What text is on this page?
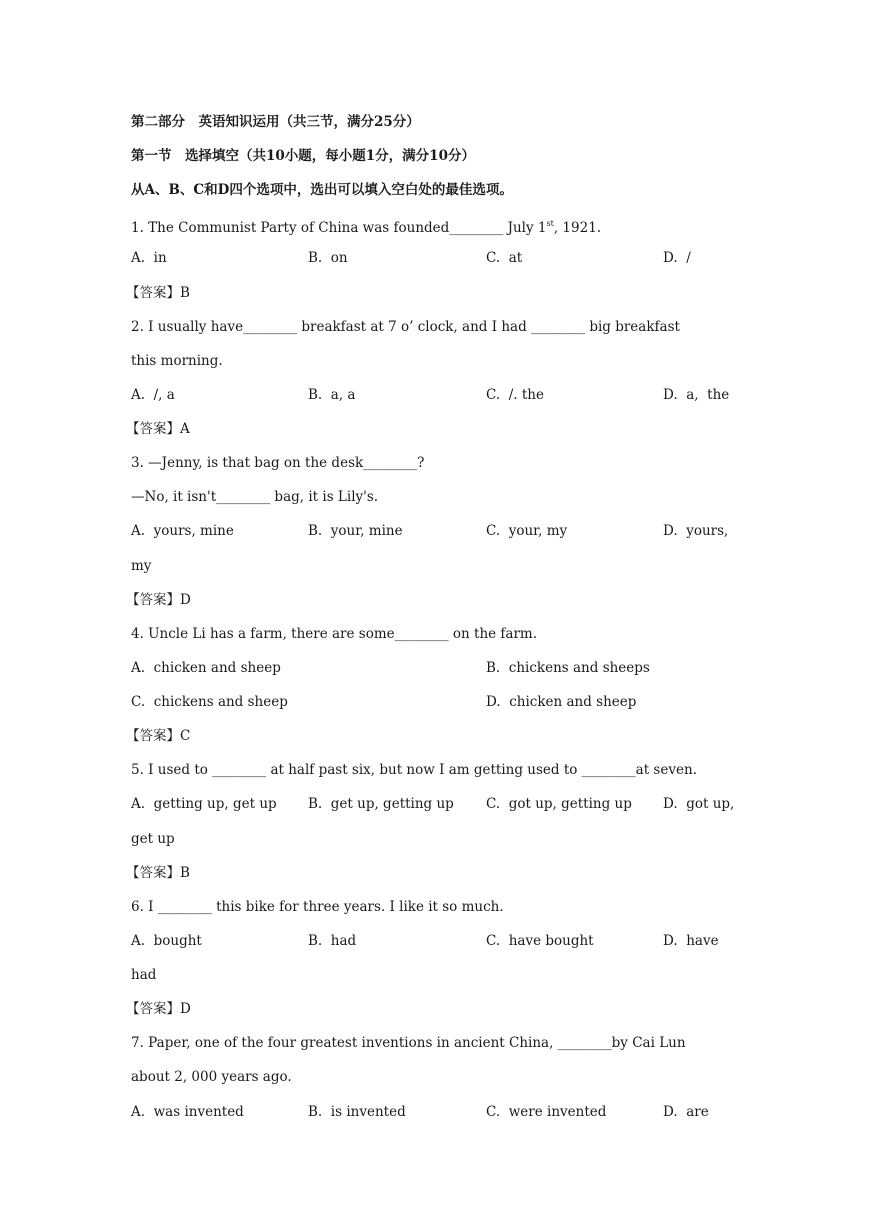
第二部分　英语知识运用（共三节，满分25分）
第一节　选择填空（共10小题，每小题1分，满分10分）
从A、B、C和D四个选项中，选出可以填入空白处的最佳选项。
1. The Communist Party of China was founded________ July 1st, 1921.
A.  in	B.  on	C.  at	D.  /
【答案】B
2. I usually have________ breakfast at 7 o’ clock, and I had ________ big breakfast
this morning.
A.  /, a	B.  a, a	C.  /. the	D.  a,  the
【答案】A
3. —Jenny, is that bag on the desk________?
—No, it isn't________ bag, it is Lily's.
A.  yours, mine	B.  your, mine	C.  your, my	D.  yours,
my
【答案】D
4. Uncle Li has a farm, there are some________ on the farm.
A.  chicken and sheep	B.  chickens and sheeps
C.  chickens and sheep	D.  chicken and sheep
【答案】C
5. I used to ________ at half past six, but now I am getting used to ________at seven.
A.  getting up, get up B.  get up, getting up C.  got up, getting up D.  got up,
get up
【答案】B
6. I ________ this bike for three years. I like it so much.
A.  bought	B.  had	C.  have bought	D.  have
had
【答案】D
7. Paper, one of the four greatest inventions in ancient China, ________by Cai Lun
about 2, 000 years ago.
A.  was invented	B.  is invented	C.  were invented	D.  are
